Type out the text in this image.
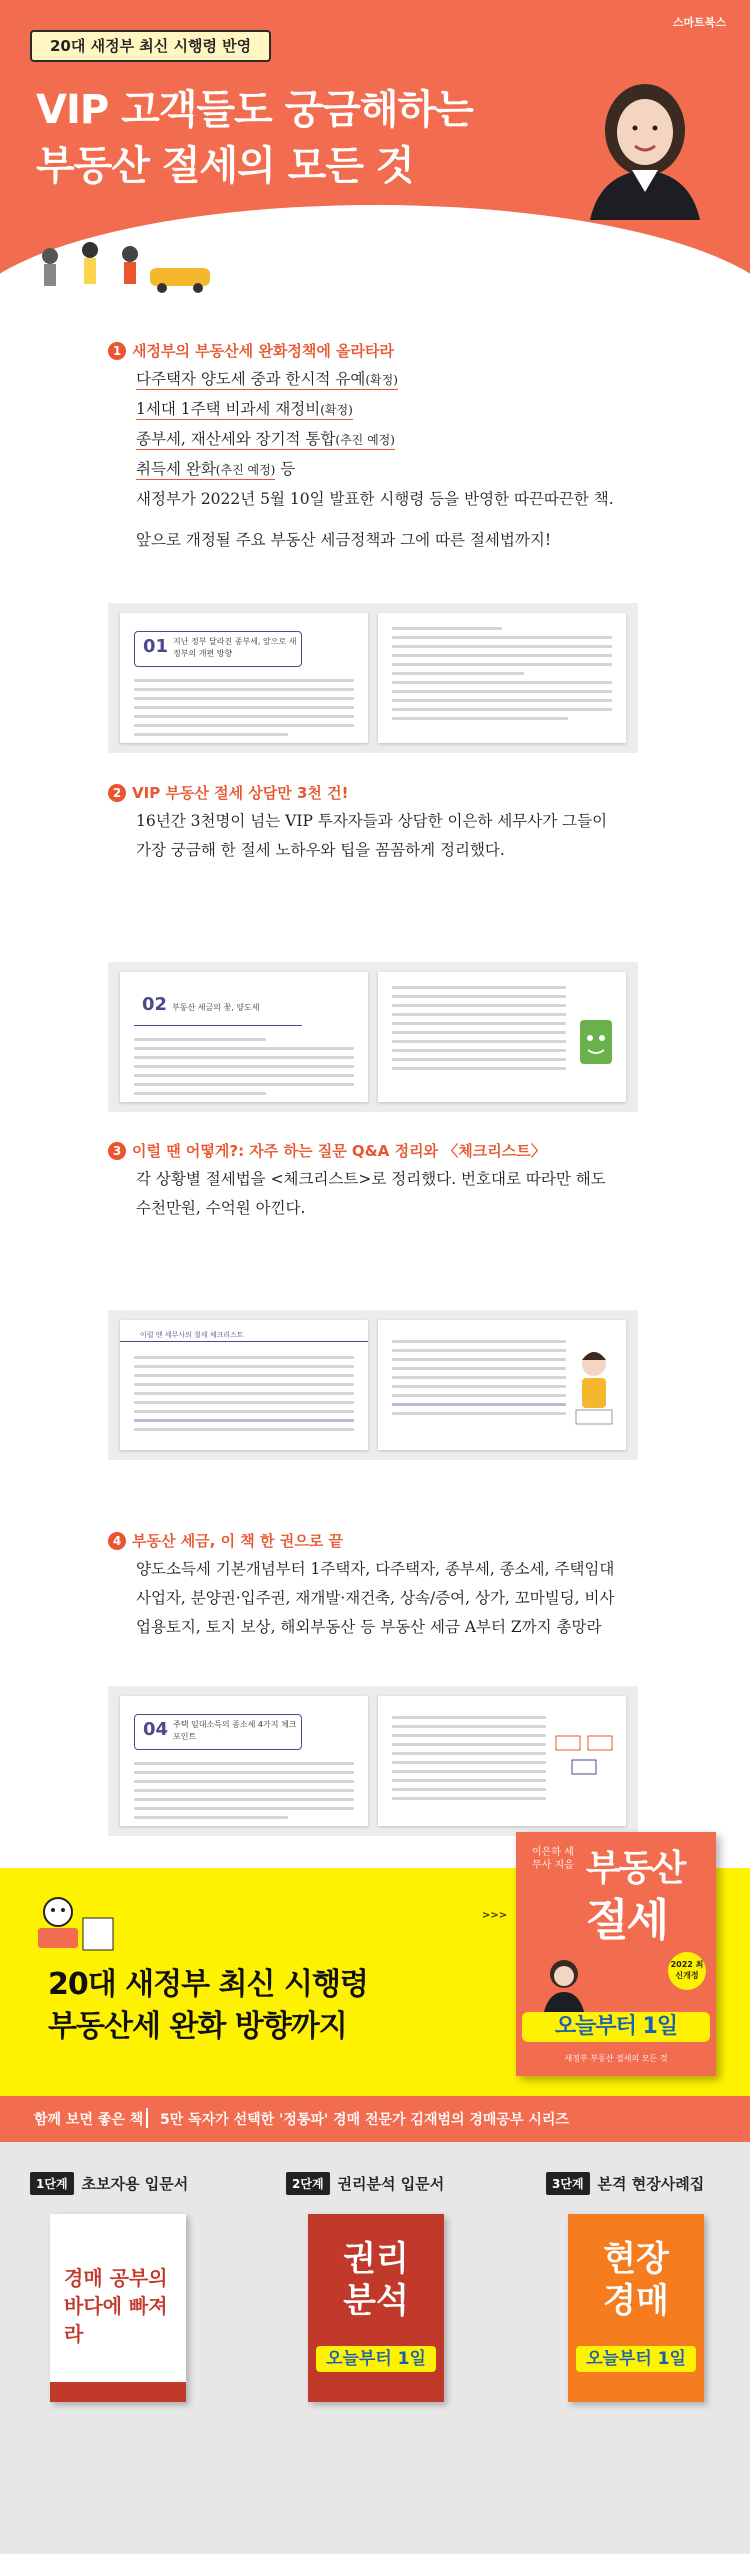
20대 새정부 최신 시행령 반영
스마트북스
VIP 고객들도 궁금해하는
부동산 절세의 모든 것
1 새정부의 부동산세 완화정책에 올라타라
다주택자 양도세 중과 한시적 유예(확정)
1세대 1주택 비과세 재정비(확정)
종부세, 재산세와 장기적 통합(추진 예정)
취득세 완화(추진 예정) 등
새정부가 2022년 5월 10일 발표한 시행령 등을 반영한 따끈따끈한 책.
앞으로 개정될 주요 부동산 세금정책과 그에 따른 절세법까지!
01 지난 정부 달라진 종부세, 앞으로 새정부의 개편 방향
2 VIP 부동산 절세 상담만 3천 건!
16년간 3천명이 넘는 VIP 투자자들과 상담한 이은하 세무사가 그들이
가장 궁금해 한 절세 노하우와 팁을 꼼꼼하게 정리했다.
02 부동산 세금의 꽃, 양도세
3 이럴 땐 어떻게?: 자주 하는 질문 Q&A 정리와 〈체크리스트〉
각 상황별 절세법을 <체크리스트>로 정리했다. 번호대로 따라만 해도
수천만원, 수억원 아낀다.
이럴 땐 세무사의 절세 체크리스트
4 부동산 세금, 이 책 한 권으로 끝
양도소득세 기본개념부터 1주택자, 다주택자, 종부세, 종소세, 주택임대
사업자, 분양권·입주권, 재개발·재건축, 상속/증여, 상가, 꼬마빌딩, 비사
업용토지, 토지 보상, 해외부동산 등 부동산 세금 A부터 Z까지 총망라
04 주택 임대소득의 종소세 4가지 체크포인트
>>>
20대 새정부 최신 시행령
부동산세 완화 방향까지
이은하 세무사 지음 부동산
절세
2022 최신개정
오늘부터 1일
새정부 부동산 절세의 모든 것
함께 보면 좋은 책 5만 독자가 선택한 '정통파' 경매 전문가 김재범의 경매공부 시리즈
1단계 초보자용 입문서
경매 공부의 바다에 빠져라
2단계 권리분석 입문서
권리 분석
오늘부터 1일
3단계 본격 현장사례집
현장 경매
오늘부터 1일
